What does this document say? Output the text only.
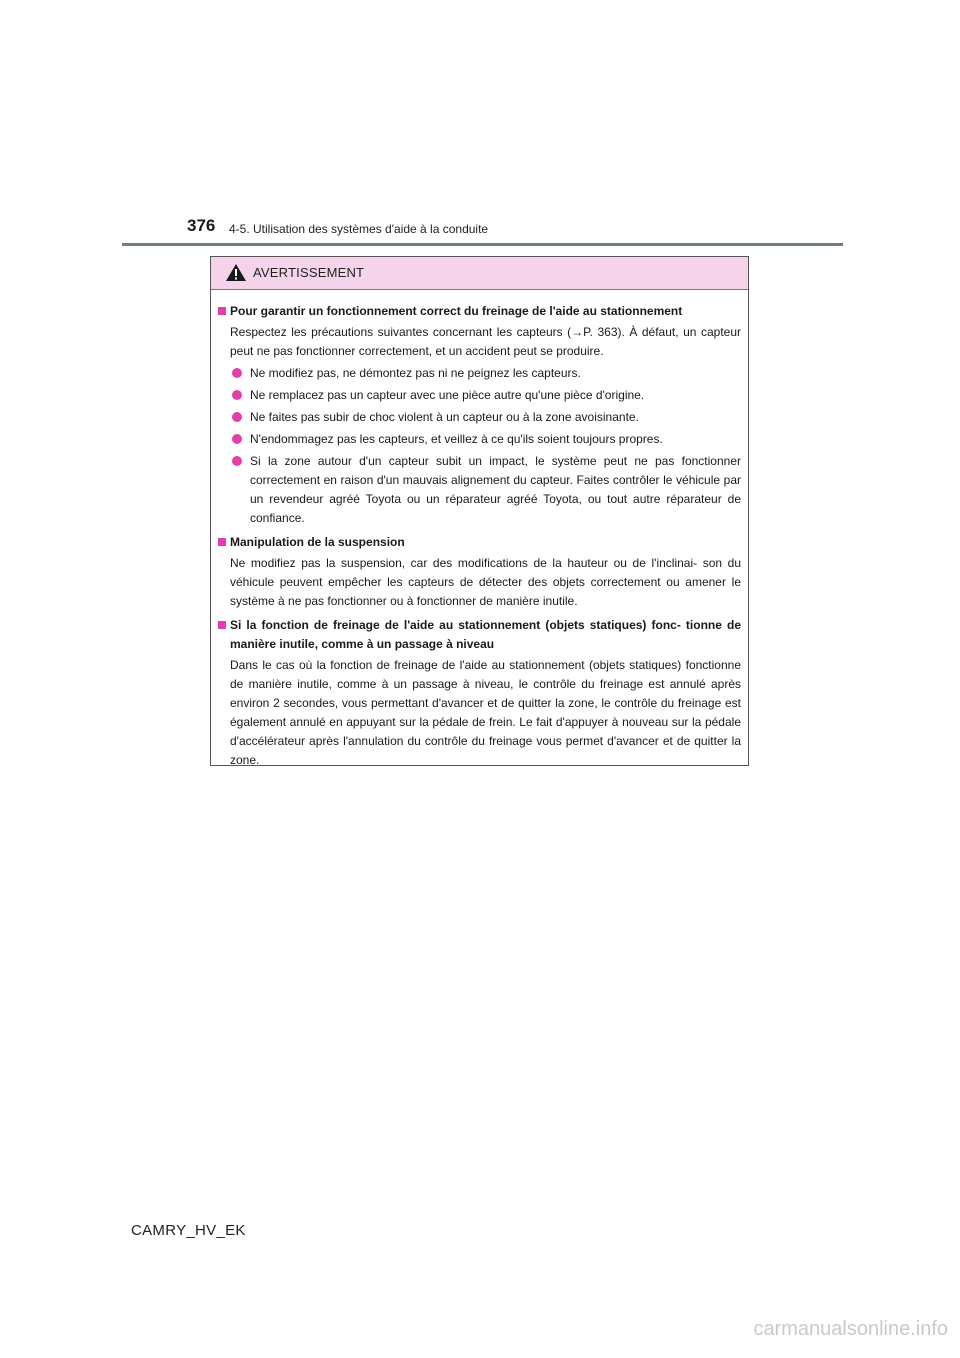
376 4-5. Utilisation des systèmes d'aide à la conduite
AVERTISSEMENT
Pour garantir un fonctionnement correct du freinage de l'aide au stationnement
Respectez les précautions suivantes concernant les capteurs (→P. 363). À défaut, un capteur peut ne pas fonctionner correctement, et un accident peut se produire.
Ne modifiez pas, ne démontez pas ni ne peignez les capteurs.
Ne remplacez pas un capteur avec une pièce autre qu'une pièce d'origine.
Ne faites pas subir de choc violent à un capteur ou à la zone avoisinante.
N'endommagez pas les capteurs, et veillez à ce qu'ils soient toujours propres.
Si la zone autour d'un capteur subit un impact, le système peut ne pas fonctionner correctement en raison d'un mauvais alignement du capteur. Faites contrôler le véhicule par un revendeur agréé Toyota ou un réparateur agréé Toyota, ou tout autre réparateur de confiance.
Manipulation de la suspension
Ne modifiez pas la suspension, car des modifications de la hauteur ou de l'inclinai- son du véhicule peuvent empêcher les capteurs de détecter des objets correctement ou amener le système à ne pas fonctionner ou à fonctionner de manière inutile.
Si la fonction de freinage de l'aide au stationnement (objets statiques) fonc- tionne de manière inutile, comme à un passage à niveau
Dans le cas où la fonction de freinage de l'aide au stationnement (objets statiques) fonctionne de manière inutile, comme à un passage à niveau, le contrôle du freinage est annulé après environ 2 secondes, vous permettant d'avancer et de quitter la zone, le contrôle du freinage est également annulé en appuyant sur la pédale de frein. Le fait d'appuyer à nouveau sur la pédale d'accélérateur après l'annulation du contrôle du freinage vous permet d'avancer et de quitter la zone.
CAMRY_HV_EK
carmanualsonline.info
